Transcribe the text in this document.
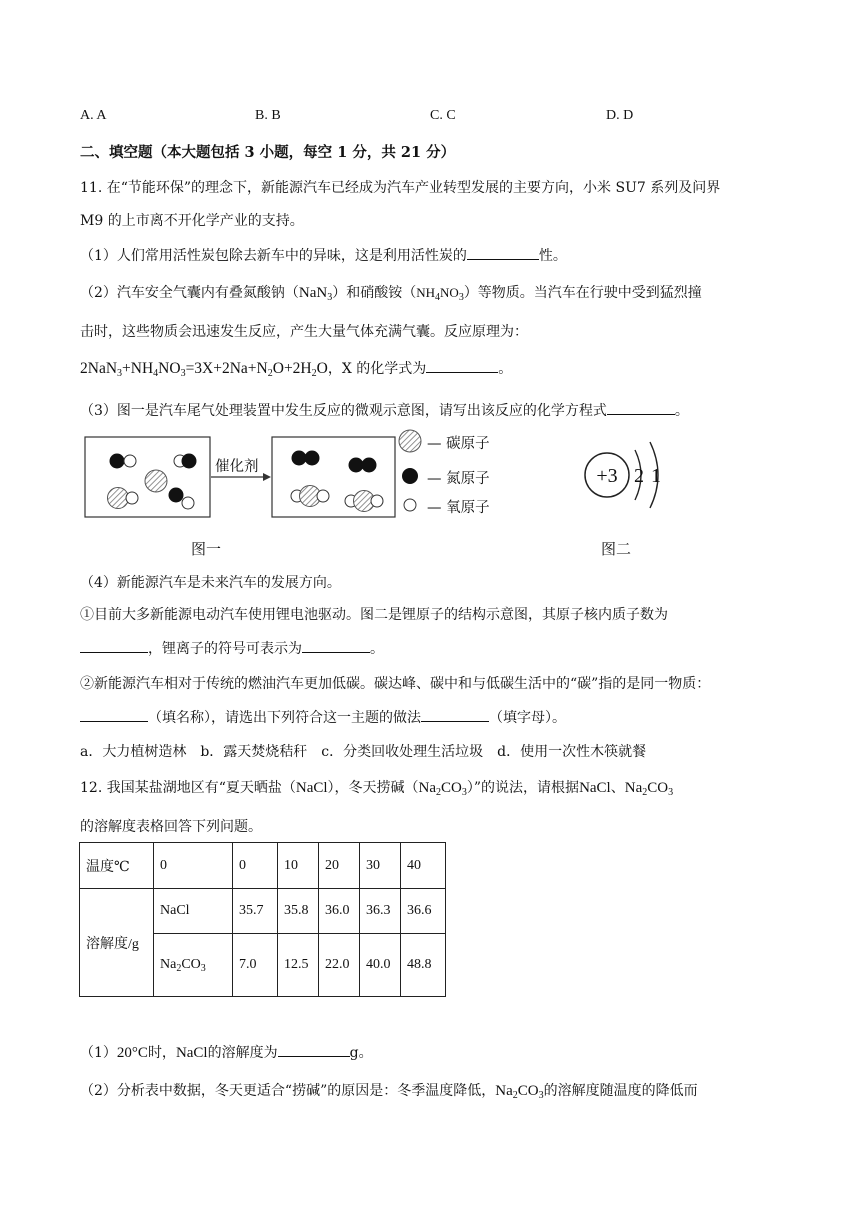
A. A	B. B	C. C	D. D
二、填空题（本大题包括 3 小题，每空 1 分，共 21 分）
11. 在“节能环保”的理念下，新能源汽车已经成为汽车产业转型发展的主要方向，小米 SU7 系列及问界
M9 的上市离不开化学产业的支持。
（1）人们常用活性炭包除去新车中的异味，这是利用活性炭的	性。
（2）汽车安全气囊内有叠氮酸钠（NaN$_3$）和硝酸铵$(NH_4NO_3)$等物质。当汽车在行驶中受到猛烈撞
击时，这些物质会迅速发生反应，产生大量气体充满气囊。反应原理为：
$2NaN_3+NH_4NO_3=3X+2Na+N_2O+2H_2O$，X 的化学式为	。
（3）图一是汽车尾气处理装置中发生反应的微观示意图，请写出该反应的化学方程式	。
催化剂
— 碳原子
— 氮原子
— 氧原子
+3 2 1
图一	图二
（4）新能源汽车是未来汽车的发展方向。
①目前大多新能源电动汽车使用锂电池驱动。图二是锂原子的结构示意图，其原子核内质子数为
，锂离子的符号可表示为	。
②新能源汽车相对于传统的燃油汽车更加低碳。碳达峰、碳中和与低碳生活中的“碳”指的是同一物质：
（填名称），请选出下列符合这一主题的做法	（填字母）。
a．大力植树造林　b．露天焚烧秸秆　c．分类回收处理生活垃圾　d．使用一次性木筷就餐
12. 我国某盐湖地区有“夏天晒盐（NaCl），冬天捞碱$(Na_2CO_3)$”的说法，请根据NaCl、$Na_2CO_3$
的溶解度表格回答下列问题。
温度℃	0	0	10	20	30	40
溶解度/g	NaCl	35.7	35.8	36.0	36.3	36.6
	$Na_2CO_3$	7.0	12.5	22.0	40.0	48.8
（1）20°C时，NaCl的溶解度为	g。
（2）分析表中数据，冬天更适合“捞碱”的原因是：冬季温度降低，$Na_2CO_3$的溶解度随温度的降低而
